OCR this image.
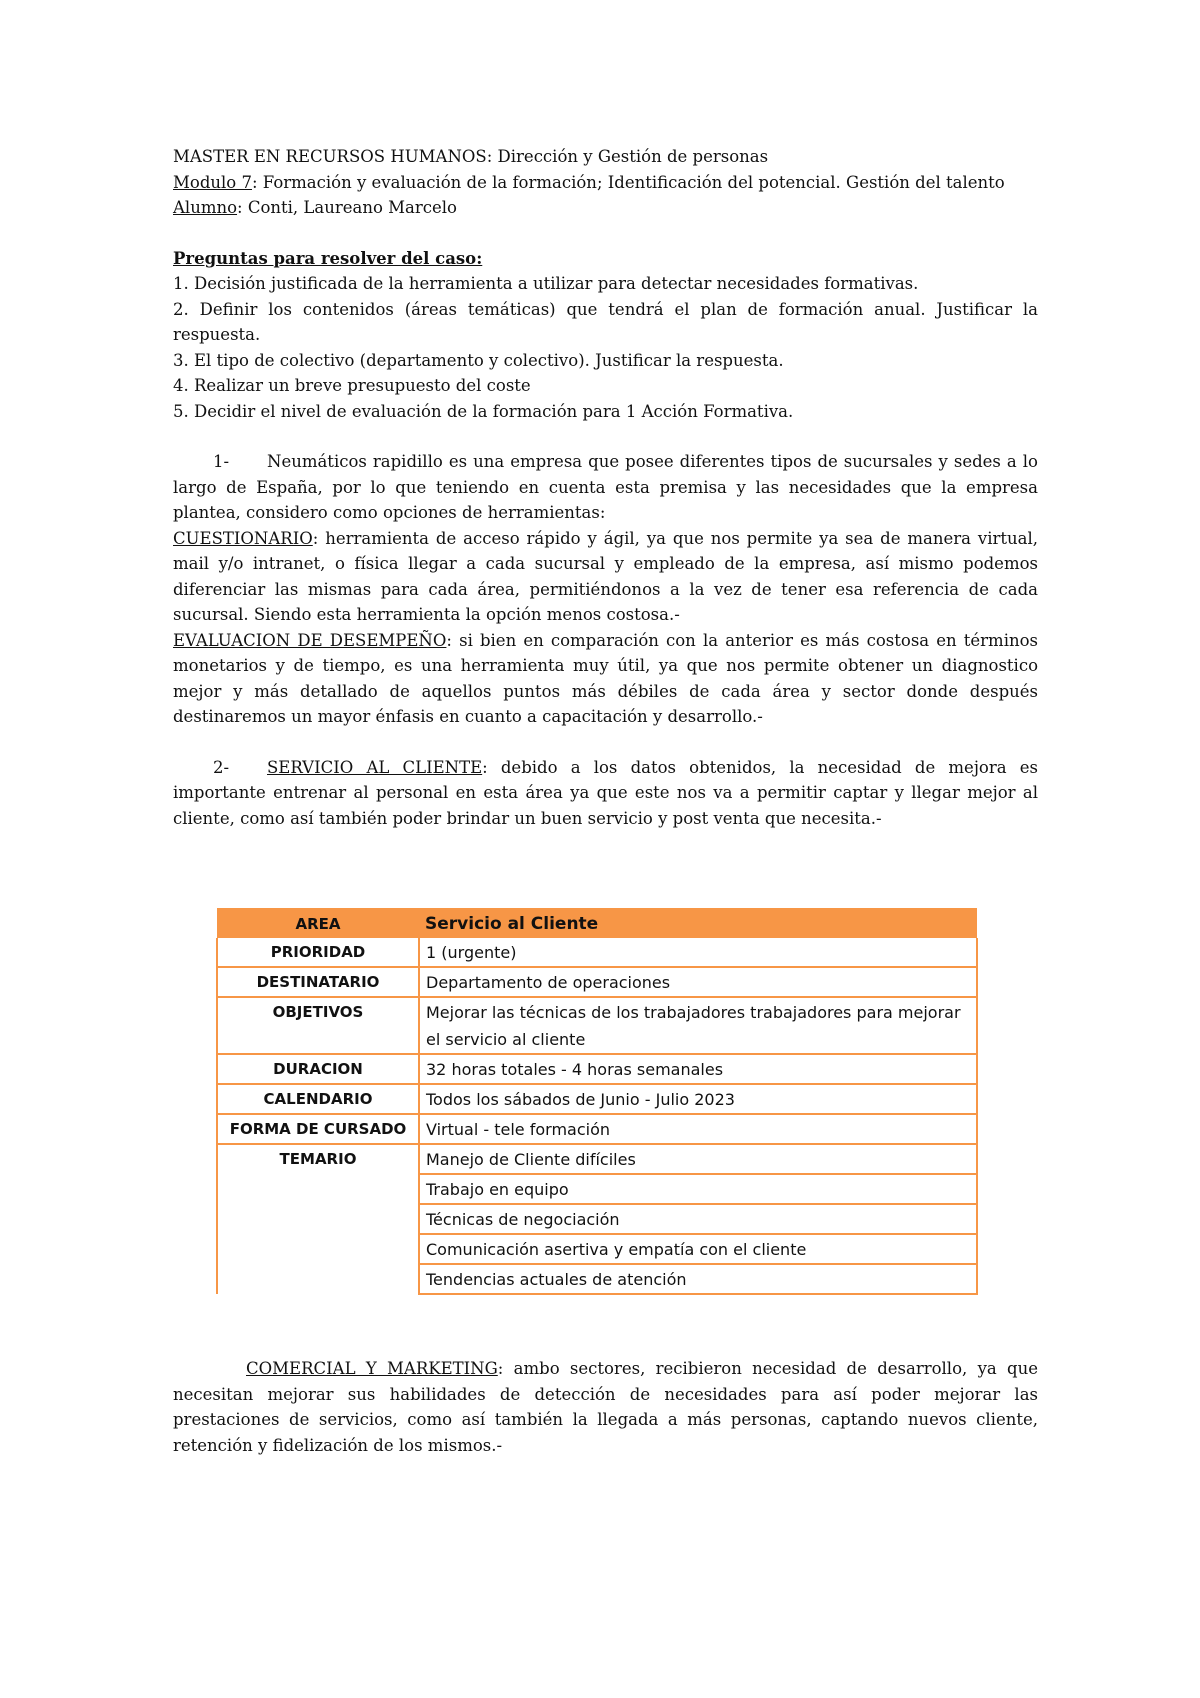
MASTER EN RECURSOS HUMANOS: Dirección y Gestión de personas

Modulo 7: Formación y evaluación de la formación; Identificación del potencial. Gestión del talento

Alumno: Conti, Laureano Marcelo

Preguntas para resolver del caso:

1. Decisión justificada de la herramienta a utilizar para detectar necesidades formativas.

2. Definir los contenidos (áreas temáticas) que tendrá el plan de formación anual. Justificar la respuesta.

3. El tipo de colectivo (departamento y colectivo). Justificar la respuesta.

4. Realizar un breve presupuesto del coste

5. Decidir el nivel de evaluación de la formación para 1 Acción Formativa.

1- Neumáticos rapidillo es una empresa que posee diferentes tipos de sucursales y sedes a lo largo de España, por lo que teniendo en cuenta esta premisa y las necesidades que la empresa plantea, considero como opciones de herramientas:

CUESTIONARIO: herramienta de acceso rápido y ágil, ya que nos permite ya sea de manera virtual, mail y/o intranet, o física llegar a cada sucursal y empleado de la empresa, así mismo podemos diferenciar las mismas para cada área, permitiéndonos a la vez de tener esa referencia de cada sucursal. Siendo esta herramienta la opción menos costosa.-

EVALUACION DE DESEMPEÑO: si bien en comparación con la anterior es más costosa en términos monetarios y de tiempo, es una herramienta muy útil, ya que nos permite obtener un diagnostico mejor y más detallado de aquellos puntos más débiles de cada área y sector donde después destinaremos un mayor énfasis en cuanto a capacitación y desarrollo.-

2- SERVICIO AL CLIENTE: debido a los datos obtenidos, la necesidad de mejora es importante entrenar al personal en esta área ya que este nos va a permitir captar y llegar mejor al cliente, como así también poder brindar un buen servicio y post venta que necesita.-

AREA	Servicio al Cliente
PRIORIDAD	1 (urgente)
DESTINATARIO	Departamento de operaciones
OBJETIVOS	Mejorar las técnicas de los trabajadores trabajadores para mejorar el servicio al cliente
DURACION	32 horas totales - 4 horas semanales
CALENDARIO	Todos los sábados de Junio - Julio 2023
FORMA DE CURSADO	Virtual - tele formación
TEMARIO	Manejo de Cliente difíciles
	Trabajo en equipo
	Técnicas de negociación
	Comunicación asertiva y empatía con el cliente
	Tendencias actuales de atención

COMERCIAL Y MARKETING: ambo sectores, recibieron necesidad de desarrollo, ya que necesitan mejorar sus habilidades de detección de necesidades para así poder mejorar las prestaciones de servicios, como así también la llegada a más personas, captando nuevos cliente, retención y fidelización de los mismos.-
